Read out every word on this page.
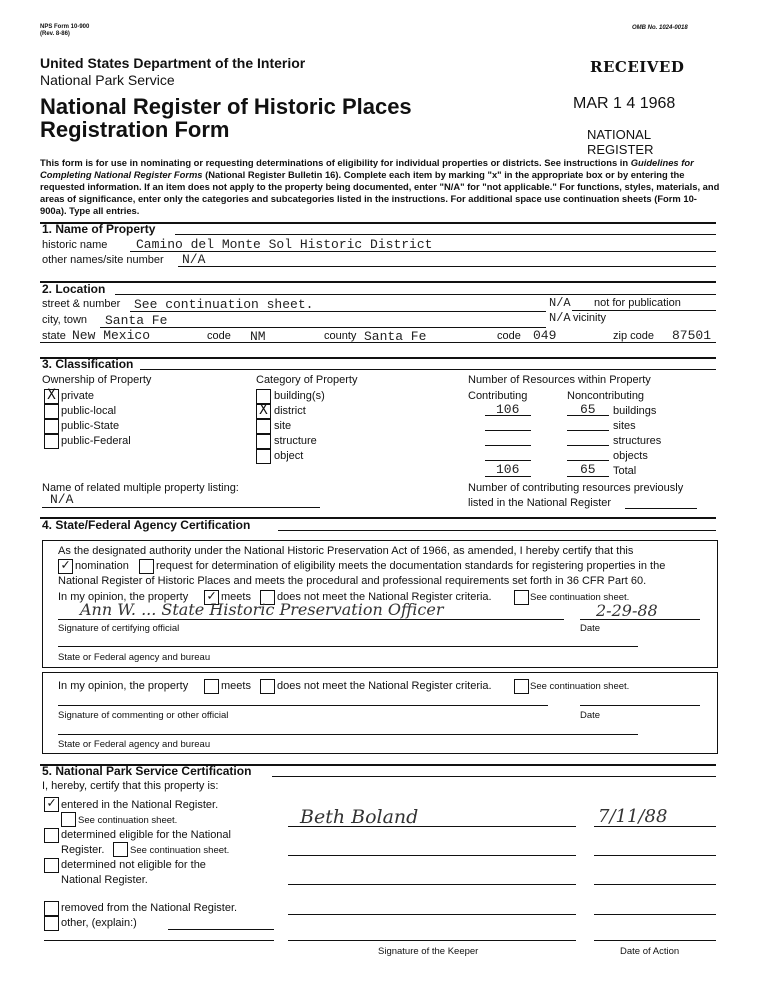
NPS Form 10-900
(Rev. 8-86)
OMB No. 1024-0018
United States Department of the Interior
National Park Service
National Register of Historic Places
Registration Form
RECEIVED
MAR 1 4 1968
NATIONAL
REGISTER
This form is for use in nominating or requesting determinations of eligibility for individual properties or districts. See instructions in Guidelines for Completing National Register Forms (National Register Bulletin 16). Complete each item by marking "x" in the appropriate box or by entering the requested information. If an item does not apply to the property being documented, enter "N/A" for "not applicable." For functions, styles, materials, and areas of significance, enter only the categories and subcategories listed in the instructions. For additional space use continuation sheets (Form 10-900a). Type all entries.
1. Name of Property
historic name Camino del Monte Sol Historic District
other names/site number N/A
2. Location
street & number See continuation sheet.	N/A not for publication
city, town Santa Fe	N/A vicinity
state New Mexico	code NM	county Santa Fe	code 049	zip code 87501
3. Classification
Ownership of Property	Category of Property	Number of Resources within Property
X private
public-local
public-State
public-Federal
building(s)
X district
site
structure
object
Contributing	Noncontributing
106	65 buildings
sites
structures
objects
106	65 Total
Name of related multiple property listing:
N/A
Number of contributing resources previously
listed in the National Register
4. State/Federal Agency Certification
As the designated authority under the National Historic Preservation Act of 1966, as amended, I hereby certify that this
✓ nomination request for determination of eligibility meets the documentation standards for registering properties in the
National Register of Historic Places and meets the procedural and professional requirements set forth in 36 CFR Part 60.
In my opinion, the property ✓ meets does not meet the National Register criteria.	See continuation sheet.
Ann W. ... State Historic Preservation Officer	2-29-88
Signature of certifying official	Date
State or Federal agency and bureau
In my opinion, the property	meets does not meet the National Register criteria.	See continuation sheet.
Signature of commenting or other official	Date
State or Federal agency and bureau
5. National Park Service Certification
I, hereby, certify that this property is:
✓ entered in the National Register.
See continuation sheet.
determined eligible for the National
Register.	See continuation sheet.
determined not eligible for the
National Register.
removed from the National Register.
other, (explain:)
Beth Boland	7/11/88
Signature of the Keeper	Date of Action
